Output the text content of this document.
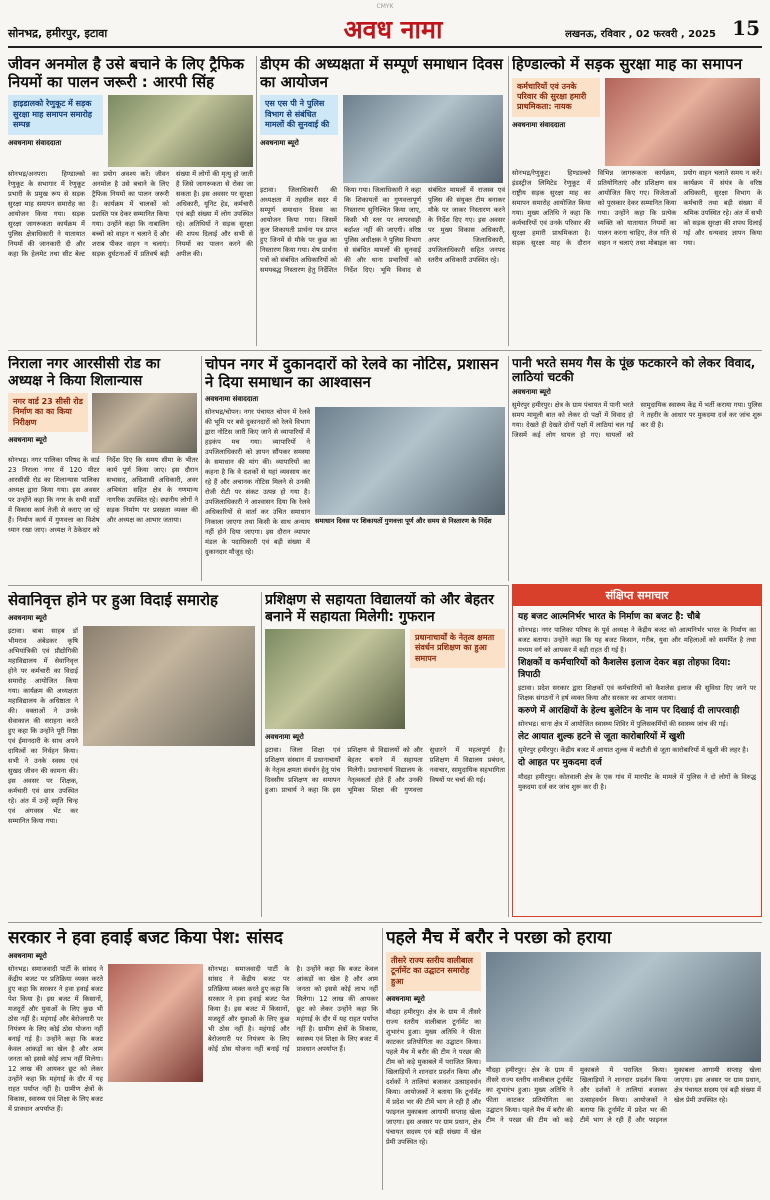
CMYK
सोनभद्र, हमीरपुर, इटावा	अवध नामा	लखनऊ, रविवार , 02 फरवरी , 2025 15
जीवन अनमोल है उसे बचाने के लिए ट्रैफिक नियमों का पालन जरूरी : आरपी सिंह
हाइडालको रेणुकूट में सड़क सुरक्षा माह समापन समारोह सम्पन्न
अवधनामा संवाददाता
सोनभद्र/अनपरा। हिण्डाल्को रेणुकूट के सभागार में रेणुकूट प्रभारी के प्रमुख रूप से सड़क सुरक्षा माह समापन समारोह का आयोजन किया गया। सड़क सुरक्षा जागरूकता कार्यक्रम में पुलिस क्षेत्राधिकारी ने यातायात नियमों की जानकारी दी और कहा कि हेलमेट तथा सीट बेल्ट का प्रयोग अवश्य करें। जीवन अनमोल है उसे बचाने के लिए ट्रैफिक नियमों का पालन जरूरी है। कार्यक्रम में चालकों को प्रशस्ति पत्र देकर सम्मानित किया गया। उन्होंने कहा कि नाबालिग बच्चों को वाहन न चलाने दें और शराब पीकर वाहन न चलाएं। सड़क दुर्घटनाओं में प्रतिवर्ष बड़ी संख्या में लोगों की मृत्यु हो जाती है जिसे जागरूकता से रोका जा सकता है। इस अवसर पर सुरक्षा अधिकारी, यूनिट हेड, कर्मचारी एवं बड़ी संख्या में लोग उपस्थित रहे। अतिथियों ने सड़क सुरक्षा की शपथ दिलाई और सभी से नियमों का पालन करने की अपील की।
डीएम की अध्यक्षता में सम्पूर्ण समाधान दिवस का आयोजन
एस एस पी ने पुलिस विभाग से संबंधित मामलों की सुनवाई की
अवधनामा ब्यूरो
इटावा। जिलाधिकारी की अध्यक्षता में तहसील सदर में सम्पूर्ण समाधान दिवस का आयोजन किया गया। जिसमें कुल शिकायती प्रार्थना पत्र प्राप्त हुए जिनमें से मौके पर कुछ का निस्तारण किया गया। शेष प्रार्थना पत्रों को संबंधित अधिकारियों को समयबद्ध निस्तारण हेतु निर्देशित किया गया। जिलाधिकारी ने कहा कि शिकायतों का गुणवत्तापूर्ण निस्तारण सुनिश्चित किया जाए, किसी भी स्तर पर लापरवाही बर्दाश्त नहीं की जाएगी। वरिष्ठ पुलिस अधीक्षक ने पुलिस विभाग से संबंधित मामलों की सुनवाई की और थाना प्रभारियों को निर्देश दिए। भूमि विवाद से संबंधित मामलों में राजस्व एवं पुलिस की संयुक्त टीम बनाकर मौके पर जाकर निस्तारण करने के निर्देश दिए गए। इस अवसर पर मुख्य विकास अधिकारी, अपर जिलाधिकारी, उपजिलाधिकारी सहित जनपद स्तरीय अधिकारी उपस्थित रहे।
हिण्डाल्को में सड़क सुरक्षा माह का समापन
कर्मचारियों एवं उनके परिवार की सुरक्षा हमारी प्राथमिकता: नायक
अवधनामा संवाददाता
सोनभद्र/रेणुकूट। हिण्डाल्को इंडस्ट्रीज लिमिटेड रेणुकूट में राष्ट्रीय सड़क सुरक्षा माह का समापन समारोह आयोजित किया गया। मुख्य अतिथि ने कहा कि कर्मचारियों एवं उनके परिवार की सुरक्षा हमारी प्राथमिकता है। सड़क सुरक्षा माह के दौरान विभिन्न जागरूकता कार्यक्रम, प्रतियोगिताएं और प्रशिक्षण सत्र आयोजित किए गए। विजेताओं को पुरस्कार देकर सम्मानित किया गया। उन्होंने कहा कि प्रत्येक व्यक्ति को यातायात नियमों का पालन करना चाहिए, तेज गति से वाहन न चलाएं तथा मोबाइल का प्रयोग वाहन चलाते समय न करें। कार्यक्रम में संयंत्र के वरिष्ठ अधिकारी, सुरक्षा विभाग के कर्मचारी तथा बड़ी संख्या में श्रमिक उपस्थित रहे। अंत में सभी को सड़क सुरक्षा की शपथ दिलाई गई और धन्यवाद ज्ञापन किया गया।
निराला नगर आरसीसी रोड का अध्यक्ष ने किया शिलान्यास
नगर वार्ड 23 सीसी रोड निर्माण का का किया निरीक्षण
अवधनामा ब्यूरो
सोनभद्र। नगर पालिका परिषद के वार्ड 23 निराला नगर में 120 मीटर आरसीसी रोड का शिलान्यास पालिका अध्यक्ष द्वारा किया गया। इस अवसर पर उन्होंने कहा कि नगर के सभी वार्डों में विकास कार्य तेजी से कराए जा रहे हैं। निर्माण कार्य में गुणवत्ता का विशेष ध्यान रखा जाए। अध्यक्ष ने ठेकेदार को निर्देश दिए कि समय सीमा के भीतर कार्य पूर्ण किया जाए। इस दौरान सभासद, अधिशासी अधिकारी, अवर अभियंता सहित क्षेत्र के गणमान्य नागरिक उपस्थित रहे। स्थानीय लोगों ने सड़क निर्माण पर प्रसन्नता व्यक्त की और अध्यक्ष का आभार जताया।
चोपन नगर में दुकानदारों को रेलवे का नोटिस, प्रशासन ने दिया समाधान का आश्वासन
अवधनामा संवाददाता
सोनभद्र/चोपन। नगर पंचायत चोपन में रेलवे की भूमि पर बसे दुकानदारों को रेलवे विभाग द्वारा नोटिस जारी किए जाने से व्यापारियों में हड़कंप मच गया। व्यापारियों ने उपजिलाधिकारी को ज्ञापन सौंपकर समस्या के समाधान की मांग की। व्यापारियों का कहना है कि वे दशकों से यहां व्यवसाय कर रहे हैं और अचानक नोटिस मिलने से उनकी रोजी रोटी पर संकट उत्पन्न हो गया है। उपजिलाधिकारी ने आश्वासन दिया कि रेलवे अधिकारियों से वार्ता कर उचित समाधान निकाला जाएगा तथा किसी के साथ अन्याय नहीं होने दिया जाएगा। इस दौरान व्यापार मंडल के पदाधिकारी एवं बड़ी संख्या में दुकानदार मौजूद रहे।
समाधान दिवस पर शिकायतों गुणवत्ता पूर्ण और समय से निस्तारण के निर्देश
पानी भरते समय गैस के पूंछ फटकारने को लेकर विवाद, लाठियां चटकी
अवधनामा ब्यूरो
सुमेरपुर हमीरपुर। क्षेत्र के ग्राम पंचायत में पानी भरते समय मामूली बात को लेकर दो पक्षों में विवाद हो गया। देखते ही देखते दोनों पक्षों में लाठियां चल गईं जिसमें कई लोग घायल हो गए। घायलों को सामुदायिक स्वास्थ्य केंद्र में भर्ती कराया गया। पुलिस ने तहरीर के आधार पर मुकदमा दर्ज कर जांच शुरू कर दी है।
सेवानिवृत्त होने पर हुआ विदाई समारोह
अवधनामा ब्यूरो
इटावा। बाबा साहब डॉ भीमराव अंबेडकर कृषि अभियांत्रिकी एवं प्रौद्योगिकी महाविद्यालय में सेवानिवृत्त होने पर कर्मचारी का विदाई समारोह आयोजित किया गया। कार्यक्रम की अध्यक्षता महाविद्यालय के अधिष्ठाता ने की। वक्ताओं ने उनके सेवाकाल की सराहना करते हुए कहा कि उन्होंने पूरी निष्ठा एवं ईमानदारी के साथ अपने दायित्वों का निर्वहन किया। सभी ने उनके स्वस्थ एवं सुखद जीवन की कामना की। इस अवसर पर शिक्षक, कर्मचारी एवं छात्र उपस्थित रहे। अंत में उन्हें स्मृति चिन्ह एवं अंगवस्त्र भेंट कर सम्मानित किया गया।
प्रशिक्षण से सहायता विद्यालयों को और बेहतर बनाने में सहायता मिलेगी: गुफरान
प्रधानाचार्यों के नेतृत्व क्षमता संवर्धन प्रशिक्षण का हुआ समापन
अवधनामा ब्यूरो
इटावा। जिला शिक्षा एवं प्रशिक्षण संस्थान में प्रधानाचार्यों के नेतृत्व क्षमता संवर्धन हेतु पांच दिवसीय प्रशिक्षण का समापन हुआ। प्राचार्य ने कहा कि इस प्रशिक्षण से विद्यालयों को और बेहतर बनाने में सहायता मिलेगी। प्रधानाचार्य विद्यालय के नेतृत्वकर्ता होते हैं और उनकी भूमिका शिक्षा की गुणवत्ता सुधारने में महत्वपूर्ण है। प्रशिक्षण में विद्यालय प्रबंधन, नवाचार, सामुदायिक सहभागिता विषयों पर चर्चा की गई।
संक्षिप्त समाचार
यह बजट आत्मनिर्भर भारत के निर्माण का बजट है: चौबे
सोनभद्र। नगर पालिका परिषद के पूर्व अध्यक्ष ने केंद्रीय बजट को आत्मनिर्भर भारत के निर्माण का बजट बताया। उन्होंने कहा कि यह बजट किसान, गरीब, युवा और महिलाओं को समर्पित है तथा मध्यम वर्ग को आयकर में बड़ी राहत दी गई है।
शिक्षकों व कर्मचारियों को कैशलेस इलाज देकर बड़ा तोहफा दिया: त्रिपाठी
इटावा। प्रदेश सरकार द्वारा शिक्षकों एवं कर्मचारियों को कैशलेस इलाज की सुविधा दिए जाने पर शिक्षक संगठनों ने हर्ष व्यक्त किया और सरकार का आभार जताया।
करुणे में आरक्षियों के हेल्थ बुलेटिन के नाम पर दिखाई दी लापरवाही
सोनभद्र। थाना क्षेत्र में आयोजित स्वास्थ्य शिविर में पुलिसकर्मियों की स्वास्थ्य जांच की गई।
लेट आयात शुल्क हटने से जूता कारोबारियों में खुशी
सुमेरपुर हमीरपुर। केंद्रीय बजट में आयात शुल्क में कटौती से जूता कारोबारियों में खुशी की लहर है।
दो आहत पर मुकदमा दर्ज
मौदहा हमीरपुर। कोतवाली क्षेत्र के एक गांव में मारपीट के मामले में पुलिस ने दो लोगों के विरुद्ध मुकदमा दर्ज कर जांच शुरू कर दी है।
सरकार ने हवा हवाई बजट किया पेश: सांसद
अवधनामा ब्यूरो
सोनभद्र। समाजवादी पार्टी के सांसद ने केंद्रीय बजट पर प्रतिक्रिया व्यक्त करते हुए कहा कि सरकार ने हवा हवाई बजट पेश किया है। इस बजट में किसानों, मजदूरों और युवाओं के लिए कुछ भी ठोस नहीं है। महंगाई और बेरोजगारी पर नियंत्रण के लिए कोई ठोस योजना नहीं बनाई गई है। उन्होंने कहा कि बजट केवल आंकड़ों का खेल है और आम जनता को इससे कोई लाभ नहीं मिलेगा। 12 लाख की आयकर छूट को लेकर उन्होंने कहा कि महंगाई के दौर में यह राहत पर्याप्त नहीं है। ग्रामीण क्षेत्रों के विकास, स्वास्थ्य एवं शिक्षा के लिए बजट में प्रावधान अपर्याप्त हैं।
सोनभद्र। समाजवादी पार्टी के सांसद ने केंद्रीय बजट पर प्रतिक्रिया व्यक्त करते हुए कहा कि सरकार ने हवा हवाई बजट पेश किया है। इस बजट में किसानों, मजदूरों और युवाओं के लिए कुछ भी ठोस नहीं है। महंगाई और बेरोजगारी पर नियंत्रण के लिए कोई ठोस योजना नहीं बनाई गई है। उन्होंने कहा कि बजट केवल आंकड़ों का खेल है और आम जनता को इससे कोई लाभ नहीं मिलेगा। 12 लाख की आयकर छूट को लेकर उन्होंने कहा कि महंगाई के दौर में यह राहत पर्याप्त नहीं है। ग्रामीण क्षेत्रों के विकास, स्वास्थ्य एवं शिक्षा के लिए बजट में प्रावधान अपर्याप्त हैं।
पहले मैच में बरौर ने परछा को हराया
तीसरे राज्य स्तरीय वालीबाल टूर्नामेंट का उद्घाटन समारोह हुआ
अवधनामा ब्यूरो
मौदहा हमीरपुर। क्षेत्र के ग्राम में तीसरे राज्य स्तरीय वालीबाल टूर्नामेंट का शुभारंभ हुआ। मुख्य अतिथि ने फीता काटकर प्रतियोगिता का उद्घाटन किया। पहले मैच में बरौर की टीम ने परछा की टीम को कड़े मुकाबले में पराजित किया। खिलाड़ियों ने शानदार प्रदर्शन किया और दर्शकों ने तालियां बजाकर उत्साहवर्धन किया। आयोजकों ने बताया कि टूर्नामेंट में प्रदेश भर की टीमें भाग ले रही हैं और फाइनल मुकाबला आगामी सप्ताह खेला जाएगा। इस अवसर पर ग्राम प्रधान, क्षेत्र पंचायत सदस्य एवं बड़ी संख्या में खेल प्रेमी उपस्थित रहे।
मौदहा हमीरपुर। क्षेत्र के ग्राम में तीसरे राज्य स्तरीय वालीबाल टूर्नामेंट का शुभारंभ हुआ। मुख्य अतिथि ने फीता काटकर प्रतियोगिता का उद्घाटन किया। पहले मैच में बरौर की टीम ने परछा की टीम को कड़े मुकाबले में पराजित किया। खिलाड़ियों ने शानदार प्रदर्शन किया और दर्शकों ने तालियां बजाकर उत्साहवर्धन किया। आयोजकों ने बताया कि टूर्नामेंट में प्रदेश भर की टीमें भाग ले रही हैं और फाइनल मुकाबला आगामी सप्ताह खेला जाएगा। इस अवसर पर ग्राम प्रधान, क्षेत्र पंचायत सदस्य एवं बड़ी संख्या में खेल प्रेमी उपस्थित रहे।
